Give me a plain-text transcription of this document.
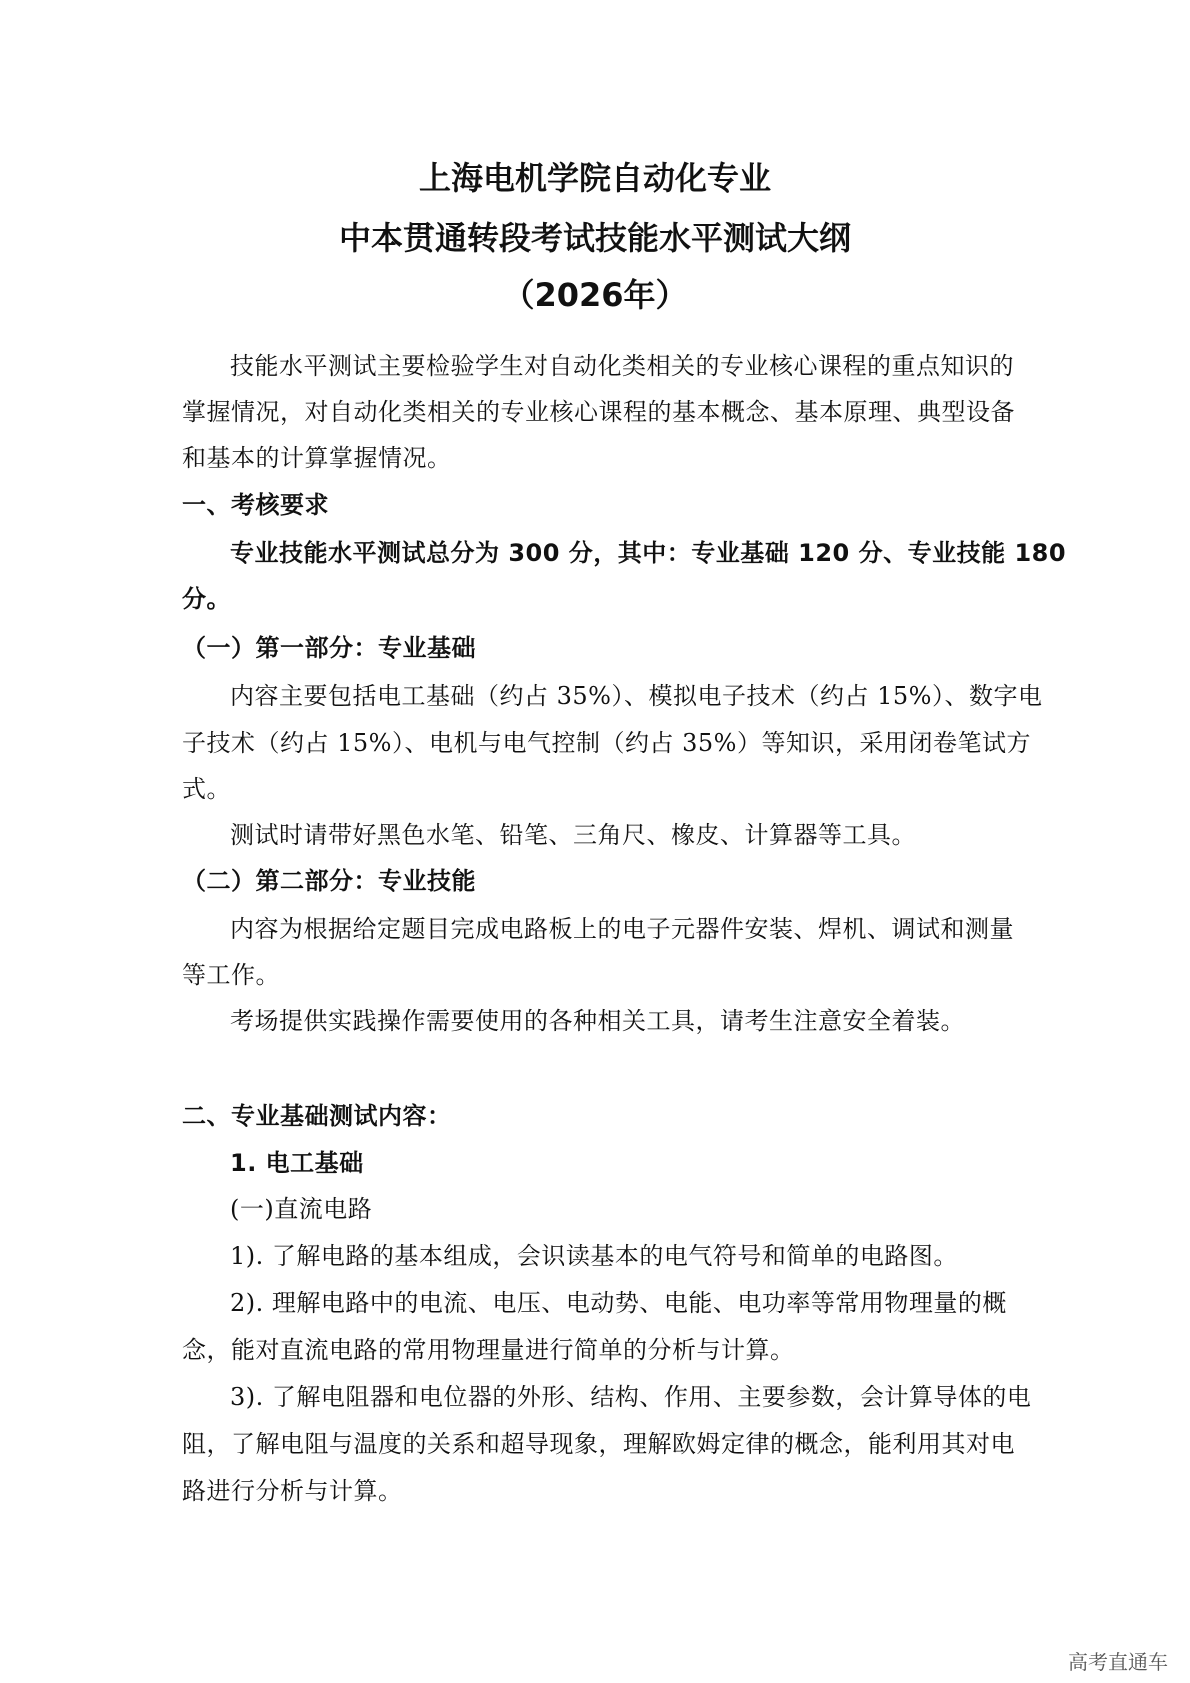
上海电机学院自动化专业
中本贯通转段考试技能水平测试大纲
（2026年）
技能水平测试主要检验学生对自动化类相关的专业核心课程的重点知识的
掌握情况，对自动化类相关的专业核心课程的基本概念、基本原理、典型设备
和基本的计算掌握情况。
一、考核要求
专业技能水平测试总分为 300 分，其中：专业基础 120 分、专业技能 180
分。
（一）第一部分：专业基础
内容主要包括电工基础（约占 35%）、模拟电子技术（约占 15%）、数字电
子技术（约占 15%）、电机与电气控制（约占 35%）等知识，采用闭卷笔试方
式。
测试时请带好黑色水笔、铅笔、三角尺、橡皮、计算器等工具。
（二）第二部分：专业技能
内容为根据给定题目完成电路板上的电子元器件安装、焊机、调试和测量
等工作。
考场提供实践操作需要使用的各种相关工具，请考生注意安全着装。
二、专业基础测试内容：
1. 电工基础
(一)直流电路
1). 了解电路的基本组成，会识读基本的电气符号和简单的电路图。
2). 理解电路中的电流、电压、电动势、电能、电功率等常用物理量的概
念，能对直流电路的常用物理量进行简单的分析与计算。
3). 了解电阻器和电位器的外形、结构、作用、主要参数，会计算导体的电
阻，了解电阻与温度的关系和超导现象，理解欧姆定律的概念，能利用其对电
路进行分析与计算。
高考直通车
